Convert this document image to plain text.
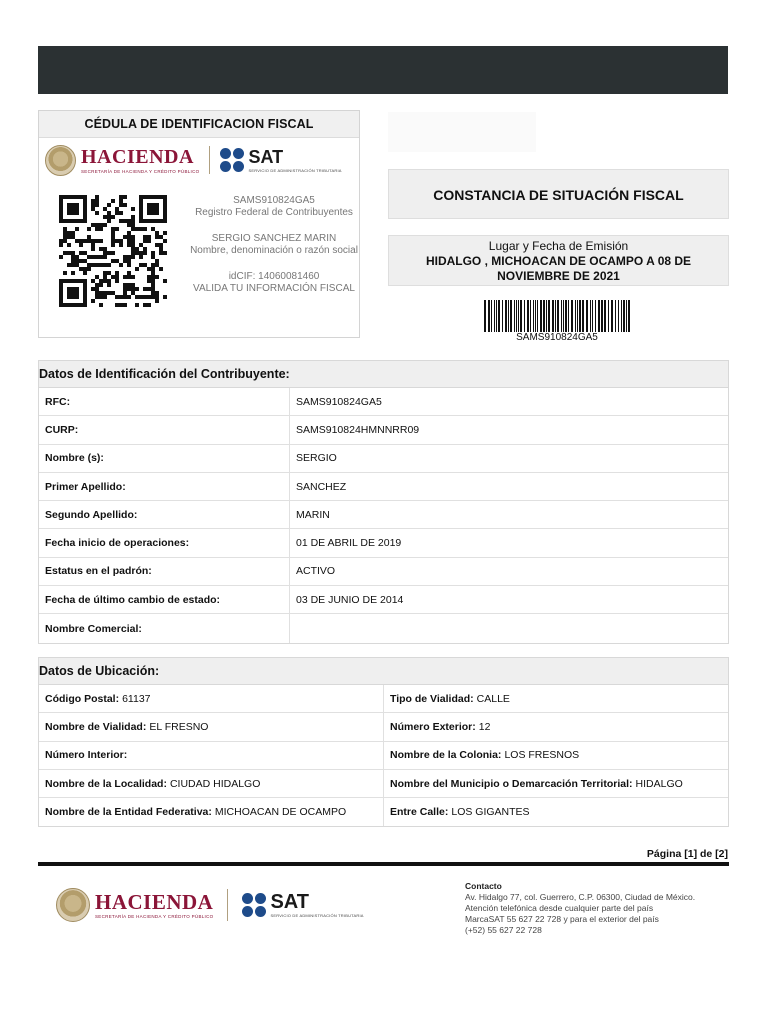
CÉDULA DE IDENTIFICACION FISCAL
HACIENDA
SECRETARÍA DE HACIENDA Y CRÉDITO PÚBLICO
SAT
SERVICIO DE ADMINISTRACIÓN TRIBUTARIA
SAMS910824GA5
Registro Federal de Contribuyentes
SERGIO SANCHEZ MARIN
Nombre, denominación o razón social
idCIF: 14060081460
VALIDA TU INFORMACIÓN FISCAL
CONSTANCIA DE SITUACIÓN FISCAL
Lugar y Fecha de Emisión
HIDALGO , MICHOACAN DE OCAMPO A 08 DE NOVIEMBRE DE 2021
SAMS910824GA5
Datos de Identificación del Contribuyente:
RFC:	SAMS910824GA5
CURP:	SAMS910824HMNNRR09
Nombre (s):	SERGIO
Primer Apellido:	SANCHEZ
Segundo Apellido:	MARIN
Fecha inicio de operaciones:	01 DE ABRIL DE 2019
Estatus en el padrón:	ACTIVO
Fecha de último cambio de estado:	03 DE JUNIO DE 2014
Nombre Comercial:
Datos de Ubicación:
Código Postal: 61137	Tipo de Vialidad: CALLE
Nombre de Vialidad: EL FRESNO	Número Exterior: 12
Número Interior:	Nombre de la Colonia: LOS FRESNOS
Nombre de la Localidad: CIUDAD HIDALGO	Nombre del Municipio o Demarcación Territorial: HIDALGO
Nombre de la Entidad Federativa: MICHOACAN DE OCAMPO	Entre Calle: LOS GIGANTES
Página [1] de [2]
HACIENDA
SECRETARÍA DE HACIENDA Y CRÉDITO PÚBLICO
SAT
SERVICIO DE ADMINISTRACIÓN TRIBUTARIA
Contacto
Av. Hidalgo 77, col. Guerrero, C.P. 06300, Ciudad de México.
Atención telefónica desde cualquier parte del país
MarcaSAT 55 627 22 728 y para el exterior del país
(+52) 55 627 22 728
